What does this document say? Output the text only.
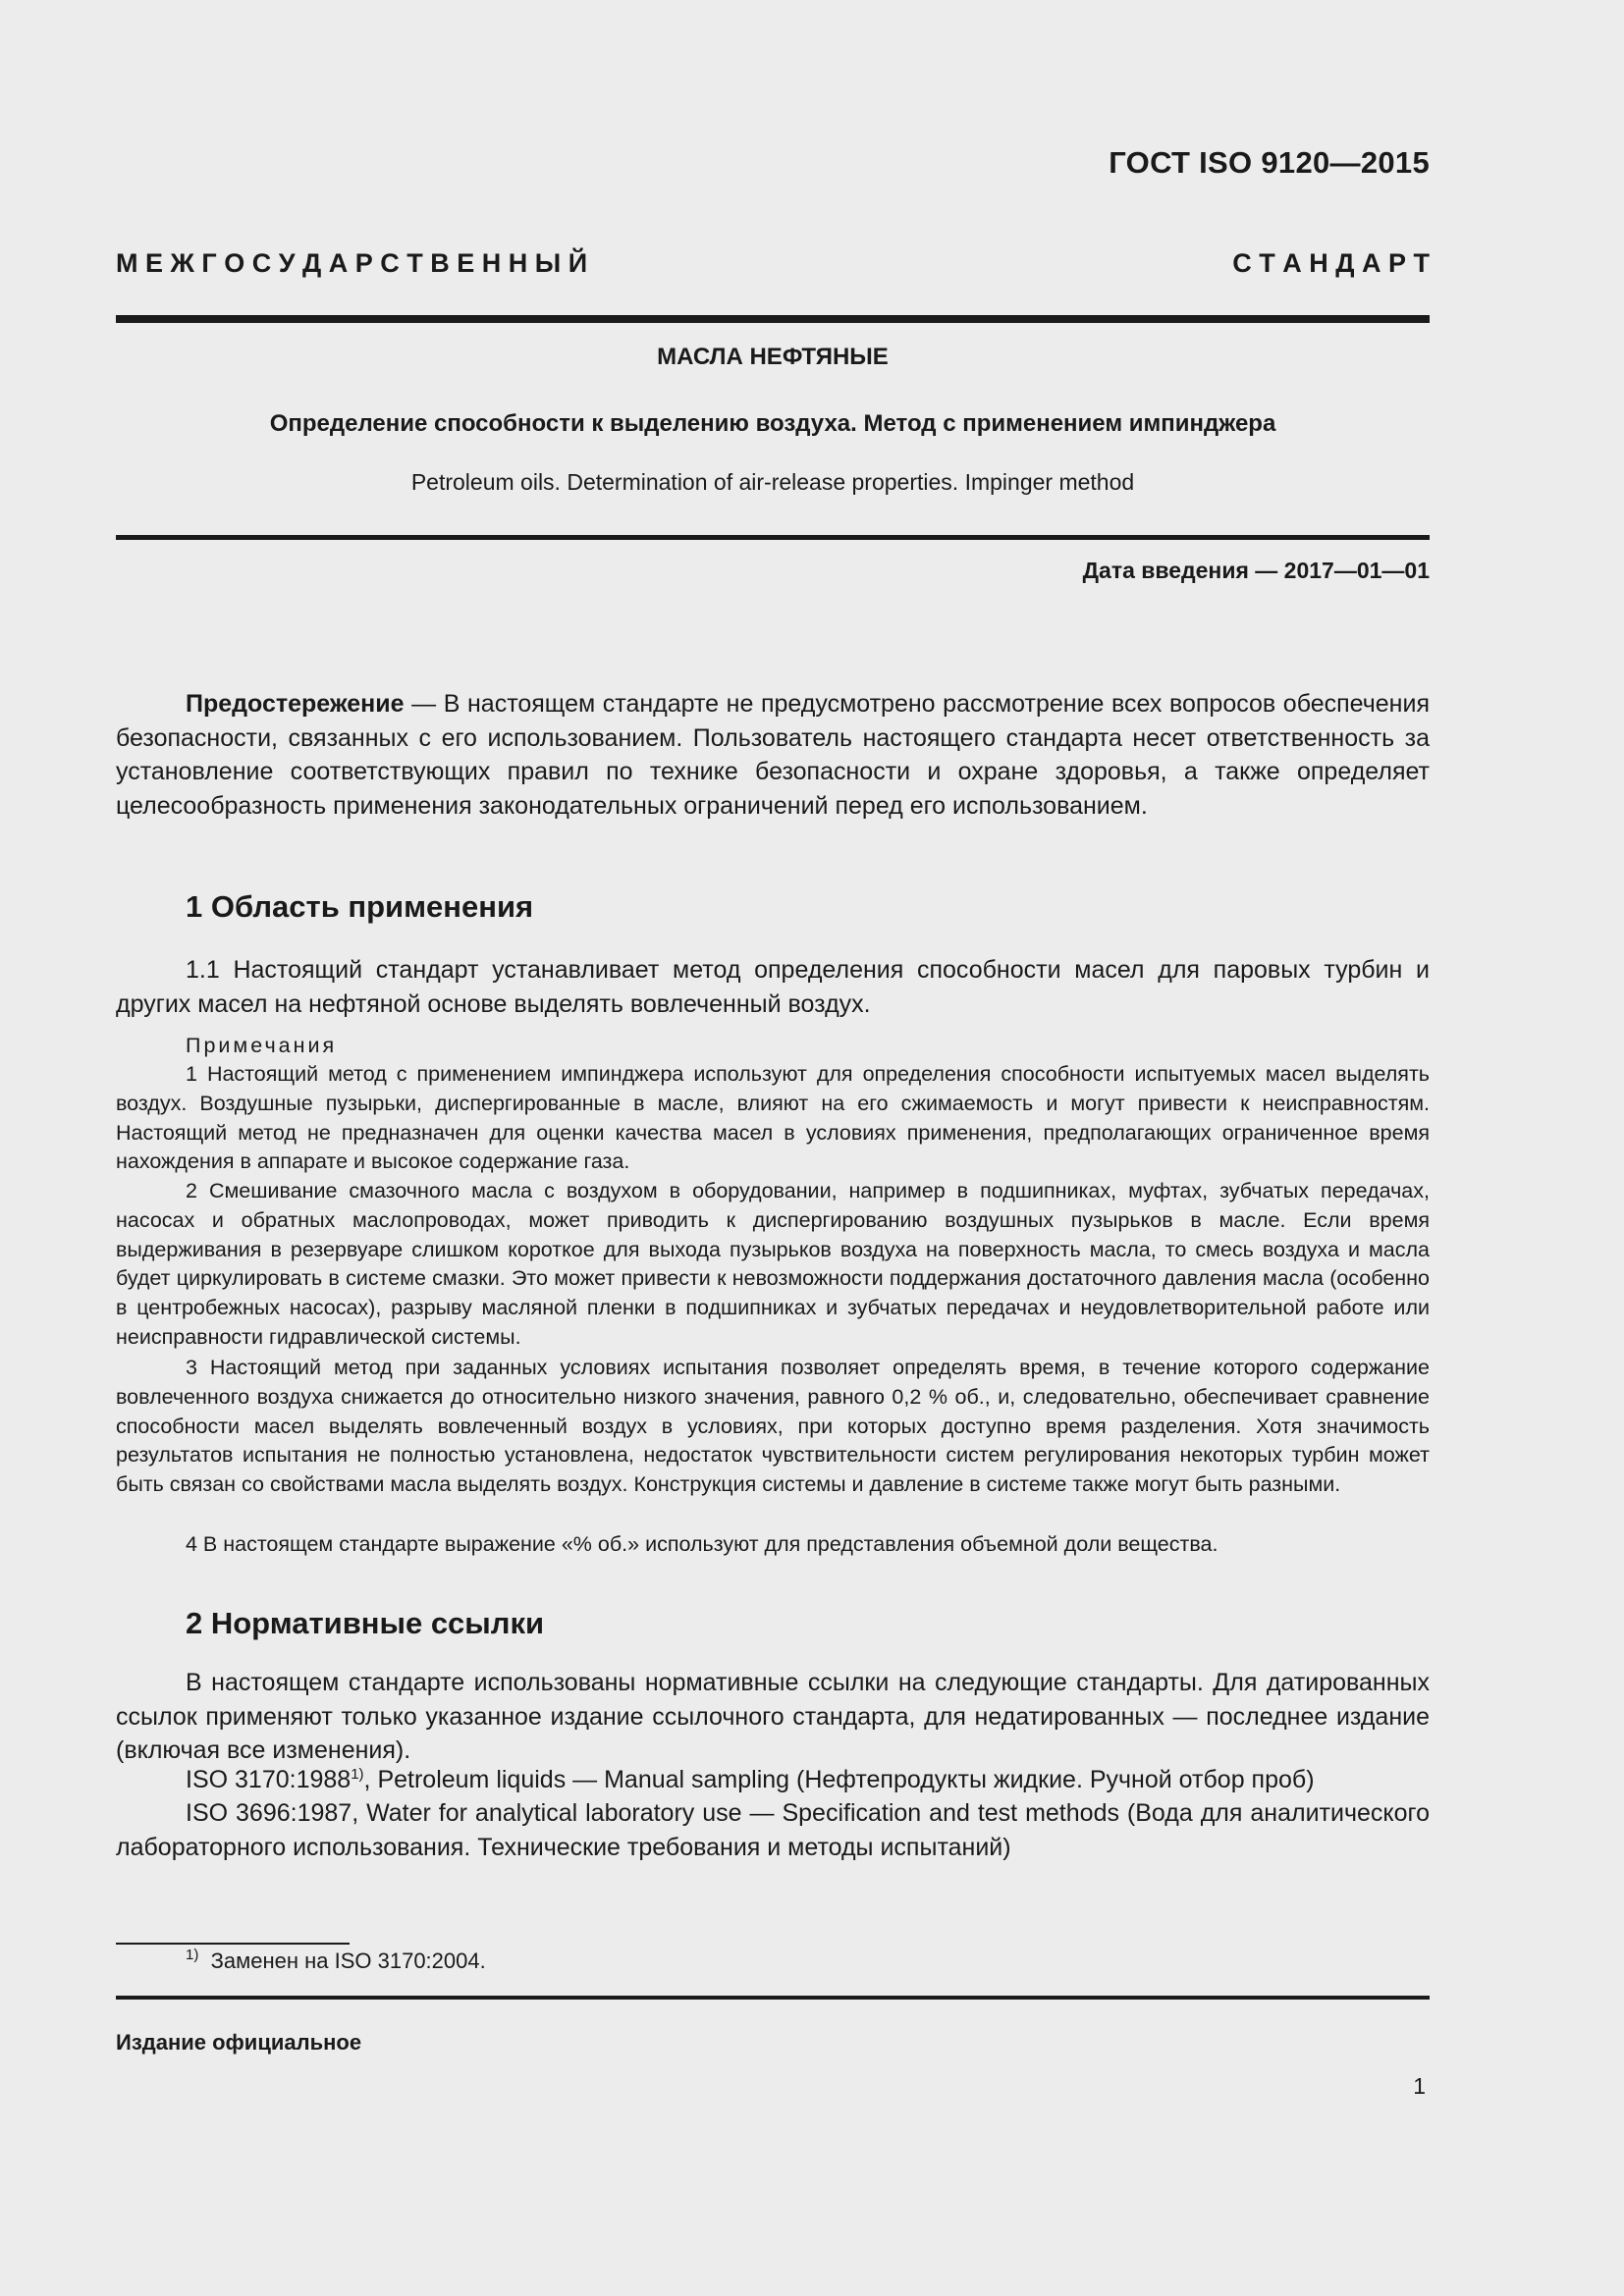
ГОСТ ISO 9120—2015
М Е Ж Г О С У Д А Р С Т В Е Н Н Ы Й	С Т А Н Д А Р Т
МАСЛА НЕФТЯНЫЕ
Определение способности к выделению воздуха. Метод с применением импинджера
Petroleum oils. Determination of air-release properties. Impinger method
Дата введения — 2017—01—01
Предостережение — В настоящем стандарте не предусмотрено рассмотрение всех вопросов обеспечения безопасности, связанных с его использованием. Пользователь настоящего стандарта несет ответственность за установление соответствующих правил по технике безопасности и охране здоровья, а также определяет целесообразность применения законодательных ограничений перед его использованием.
1 Область применения
1.1 Настоящий стандарт устанавливает метод определения способности масел для паровых турбин и других масел на нефтяной основе выделять вовлеченный воздух.
Примечания
1 Настоящий метод с применением импинджера используют для определения способности испытуемых масел выделять воздух. Воздушные пузырьки, диспергированные в масле, влияют на его сжимаемость и могут привести к неисправностям. Настоящий метод не предназначен для оценки качества масел в условиях применения, предполагающих ограниченное время нахождения в аппарате и высокое содержание газа.
2 Смешивание смазочного масла с воздухом в оборудовании, например в подшипниках, муфтах, зубчатых передачах, насосах и обратных маслопроводах, может приводить к диспергированию воздушных пузырьков в масле. Если время выдерживания в резервуаре слишком короткое для выхода пузырьков воздуха на поверхность масла, то смесь воздуха и масла будет циркулировать в системе смазки. Это может привести к невозможности поддержания достаточного давления масла (особенно в центробежных насосах), разрыву масляной пленки в подшипниках и зубчатых передачах и неудовлетворительной работе или неисправности гидравлической системы.
3 Настоящий метод при заданных условиях испытания позволяет определять время, в течение которого содержание вовлеченного воздуха снижается до относительно низкого значения, равного 0,2 % об., и, следовательно, обеспечивает сравнение способности масел выделять вовлеченный воздух в условиях, при которых доступно время разделения. Хотя значимость результатов испытания не полностью установлена, недостаток чувствительности систем регулирования некоторых турбин может быть связан со свойствами масла выделять воздух. Конструкция системы и давление в системе также могут быть разными.
4 В настоящем стандарте выражение «% об.» используют для представления объемной доли вещества.
2 Нормативные ссылки
В настоящем стандарте использованы нормативные ссылки на следующие стандарты. Для датированных ссылок применяют только указанное издание ссылочного стандарта, для недатированных — последнее издание (включая все изменения).
ISO 3170:1988$^{1)}$, Petroleum liquids — Manual sampling (Нефтепродукты жидкие. Ручной отбор проб)
ISO 3696:1987, Water for analytical laboratory use — Specification and test methods (Вода для аналитического лабораторного использования. Технические требования и методы испытаний)
$^{1)}$ Заменен на ISO 3170:2004.
Издание официальное
1
